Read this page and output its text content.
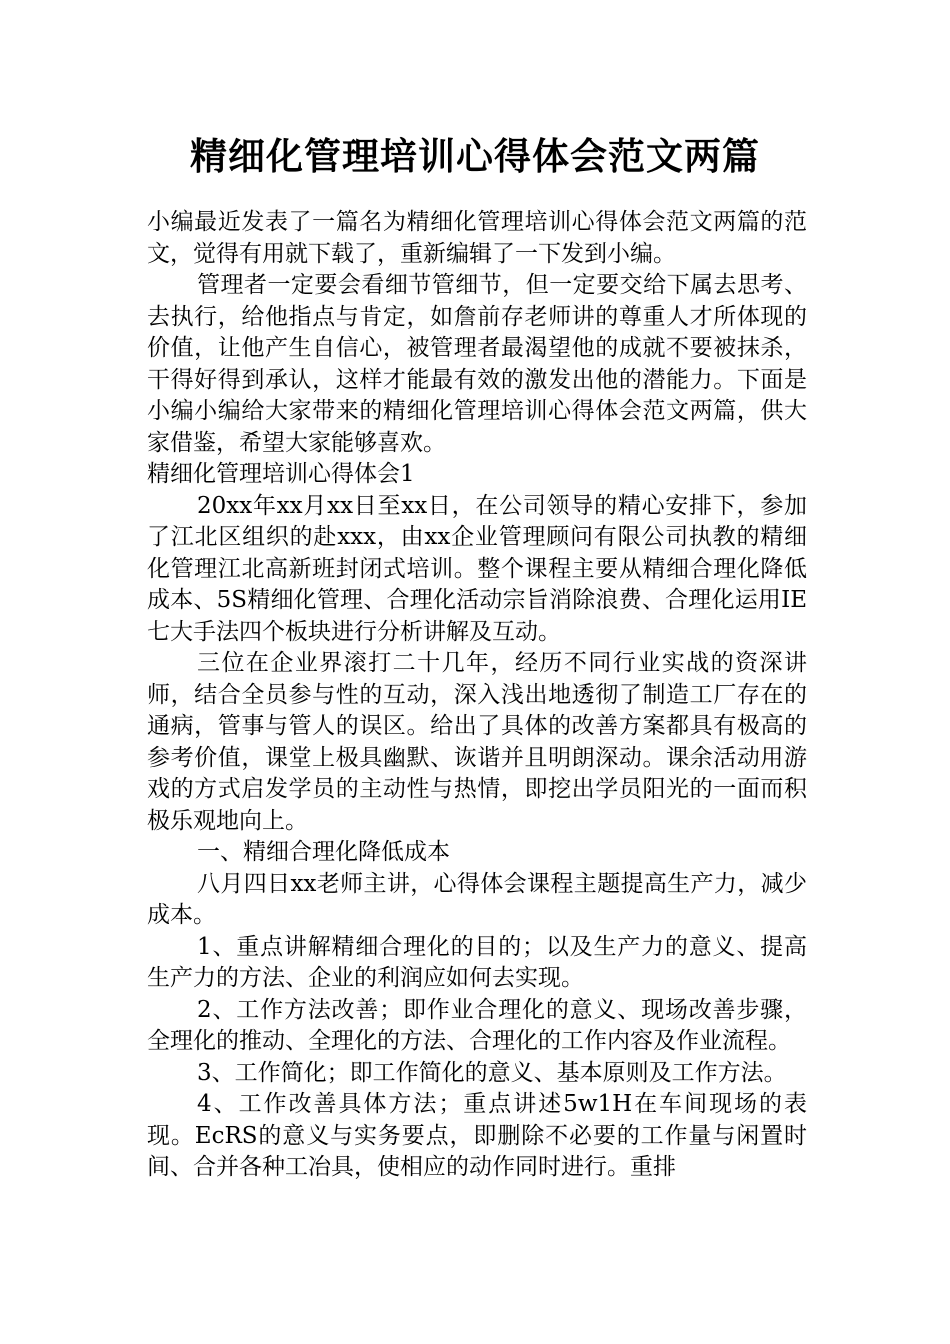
精细化管理培训心得体会范文两篇

小编最近发表了一篇名为精细化管理培训心得体会范文两篇的范文，觉得有用就下载了，重新编辑了一下发到小编。

管理者一定要会看细节管细节，但一定要交给下属去思考、去执行，给他指点与肯定，如詹前存老师讲的尊重人才所体现的价值，让他产生自信心，被管理者最渴望他的成就不要被抹杀，干得好得到承认，这样才能最有效的激发出他的潜能力。下面是小编小编给大家带来的精细化管理培训心得体会范文两篇，供大家借鉴，希望大家能够喜欢。

精细化管理培训心得体会1

20xx年xx月xx日至xx日，在公司领导的精心安排下，参加了江北区组织的赴xxx，由xx企业管理顾问有限公司执教的精细化管理江北高新班封闭式培训。整个课程主要从精细合理化降低成本、5S精细化管理、合理化活动宗旨消除浪费、合理化运用IE七大手法四个板块进行分析讲解及互动。

三位在企业界滚打二十几年，经历不同行业实战的资深讲师，结合全员参与性的互动，深入浅出地透彻了制造工厂存在的通病，管事与管人的误区。给出了具体的改善方案都具有极高的参考价值，课堂上极具幽默、诙谐并且明朗深动。课余活动用游戏的方式启发学员的主动性与热情，即挖出学员阳光的一面而积极乐观地向上。

一、精细合理化降低成本

八月四日xx老师主讲，心得体会课程主题提高生产力，减少成本。

1、重点讲解精细合理化的目的；以及生产力的意义、提高生产力的方法、企业的利润应如何去实现。

2、工作方法改善；即作业合理化的意义、现场改善步骤，全理化的推动、全理化的方法、合理化的工作内容及作业流程。

3、工作简化；即工作简化的意义、基本原则及工作方法。

4、工作改善具体方法；重点讲述5w1H在车间现场的表现。EcRS的意义与实务要点，即删除不必要的工作量与闲置时间、合并各种工冶具，使相应的动作同时进行。重排
